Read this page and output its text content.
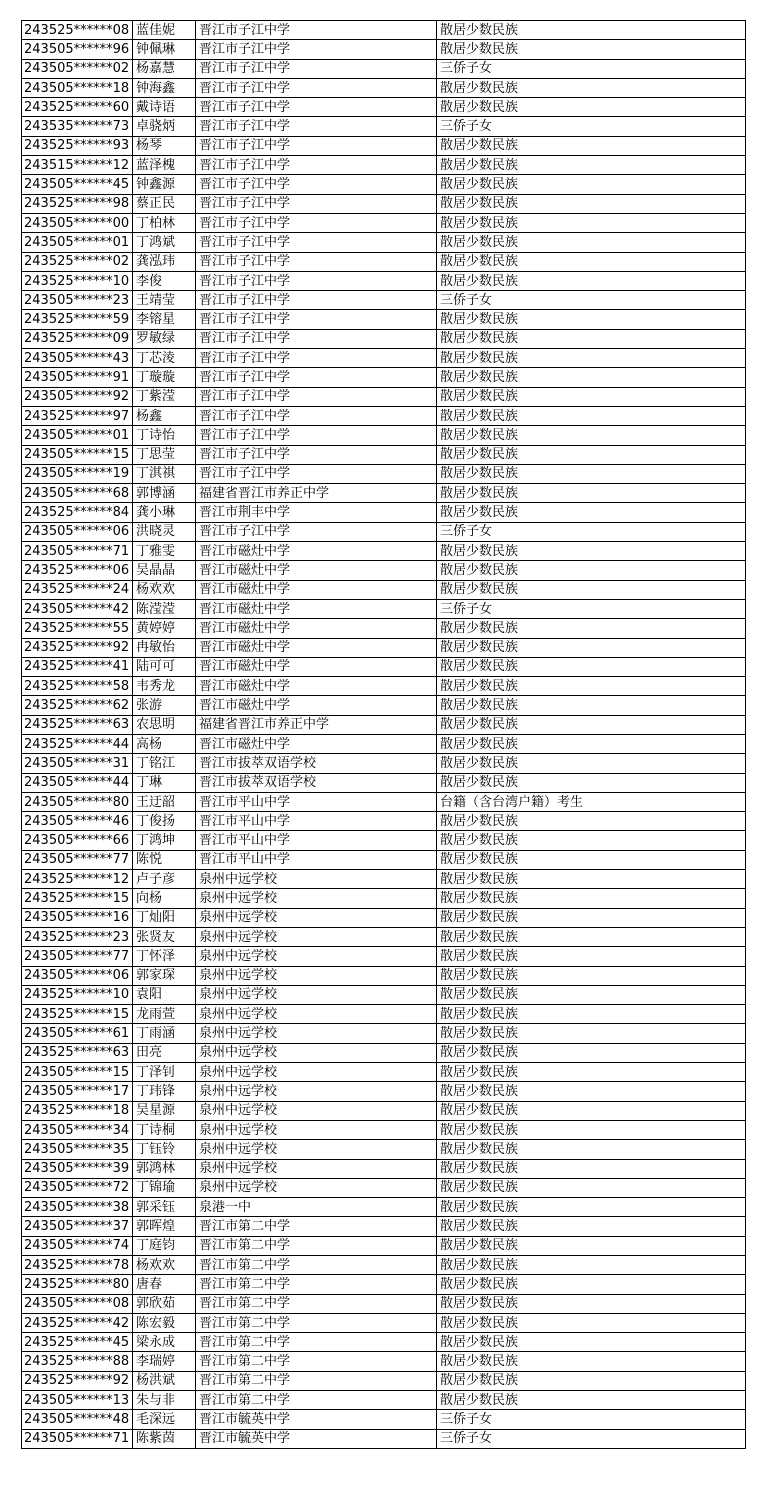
243525******08	蓝佳妮	晋江市子江中学	散居少数民族
243505******96	钟佩琳	晋江市子江中学	散居少数民族
243505******02	杨嘉慧	晋江市子江中学	三侨子女
243505******18	钟海鑫	晋江市子江中学	散居少数民族
243525******60	戴诗语	晋江市子江中学	散居少数民族
243535******73	卓骁炳	晋江市子江中学	三侨子女
243525******93	杨琴	晋江市子江中学	散居少数民族
243515******12	蓝泽槐	晋江市子江中学	散居少数民族
243505******45	钟鑫源	晋江市子江中学	散居少数民族
243525******98	蔡正民	晋江市子江中学	散居少数民族
243505******00	丁柏林	晋江市子江中学	散居少数民族
243505******01	丁鸿斌	晋江市子江中学	散居少数民族
243525******02	龚泓玮	晋江市子江中学	散居少数民族
243525******10	李俊	晋江市子江中学	散居少数民族
243505******23	王靖莹	晋江市子江中学	三侨子女
243525******59	李镕星	晋江市子江中学	散居少数民族
243525******09	罗敏绿	晋江市子江中学	散居少数民族
243505******43	丁芯淩	晋江市子江中学	散居少数民族
243505******91	丁璇璇	晋江市子江中学	散居少数民族
243505******92	丁紫滢	晋江市子江中学	散居少数民族
243525******97	杨鑫	晋江市子江中学	散居少数民族
243505******01	丁诗怡	晋江市子江中学	散居少数民族
243505******15	丁思莹	晋江市子江中学	散居少数民族
243505******19	丁淇祺	晋江市子江中学	散居少数民族
243505******68	郭博涵	福建省晋江市养正中学	散居少数民族
243525******84	龚小琳	晋江市荆丰中学	散居少数民族
243505******06	洪晓灵	晋江市子江中学	三侨子女
243505******71	丁雅雯	晋江市磁灶中学	散居少数民族
243525******06	吴晶晶	晋江市磁灶中学	散居少数民族
243525******24	杨欢欢	晋江市磁灶中学	散居少数民族
243505******42	陈滢滢	晋江市磁灶中学	三侨子女
243525******55	黄婷婷	晋江市磁灶中学	散居少数民族
243525******92	冉敏怡	晋江市磁灶中学	散居少数民族
243525******41	陆可可	晋江市磁灶中学	散居少数民族
243525******58	韦秀龙	晋江市磁灶中学	散居少数民族
243525******62	张游	晋江市磁灶中学	散居少数民族
243525******63	农思明	福建省晋江市养正中学	散居少数民族
243525******44	高杨	晋江市磁灶中学	散居少数民族
243505******31	丁铭江	晋江市拔萃双语学校	散居少数民族
243505******44	丁琳	晋江市拔萃双语学校	散居少数民族
243505******80	王迂韶	晋江市平山中学	台籍（含台湾户籍）考生
243505******46	丁俊扬	晋江市平山中学	散居少数民族
243505******66	丁鸿坤	晋江市平山中学	散居少数民族
243505******77	陈悦	晋江市平山中学	散居少数民族
243525******12	卢子彦	泉州中远学校	散居少数民族
243525******15	向杨	泉州中远学校	散居少数民族
243505******16	丁灿阳	泉州中远学校	散居少数民族
243525******23	张贤友	泉州中远学校	散居少数民族
243505******77	丁怀泽	泉州中远学校	散居少数民族
243505******06	郭家琛	泉州中远学校	散居少数民族
243525******10	袁阳	泉州中远学校	散居少数民族
243525******15	龙雨萱	泉州中远学校	散居少数民族
243505******61	丁雨涵	泉州中远学校	散居少数民族
243525******63	田亮	泉州中远学校	散居少数民族
243505******15	丁泽钊	泉州中远学校	散居少数民族
243505******17	丁玮锋	泉州中远学校	散居少数民族
243525******18	吴星源	泉州中远学校	散居少数民族
243505******34	丁诗桐	泉州中远学校	散居少数民族
243505******35	丁钰铃	泉州中远学校	散居少数民族
243505******39	郭鸿林	泉州中远学校	散居少数民族
243505******72	丁锦瑜	泉州中远学校	散居少数民族
243505******38	郭采钰	泉港一中	散居少数民族
243505******37	郭晖煌	晋江市第二中学	散居少数民族
243505******74	丁庭钧	晋江市第二中学	散居少数民族
243525******78	杨欢欢	晋江市第二中学	散居少数民族
243525******80	唐春	晋江市第二中学	散居少数民族
243505******08	郭欣茹	晋江市第二中学	散居少数民族
243525******42	陈宏毅	晋江市第二中学	散居少数民族
243525******45	梁永成	晋江市第二中学	散居少数民族
243525******88	李瑞婷	晋江市第二中学	散居少数民族
243525******92	杨洪斌	晋江市第二中学	散居少数民族
243505******13	朱与非	晋江市第二中学	散居少数民族
243505******48	毛深远	晋江市毓英中学	三侨子女
243505******71	陈紫茵	晋江市毓英中学	三侨子女
